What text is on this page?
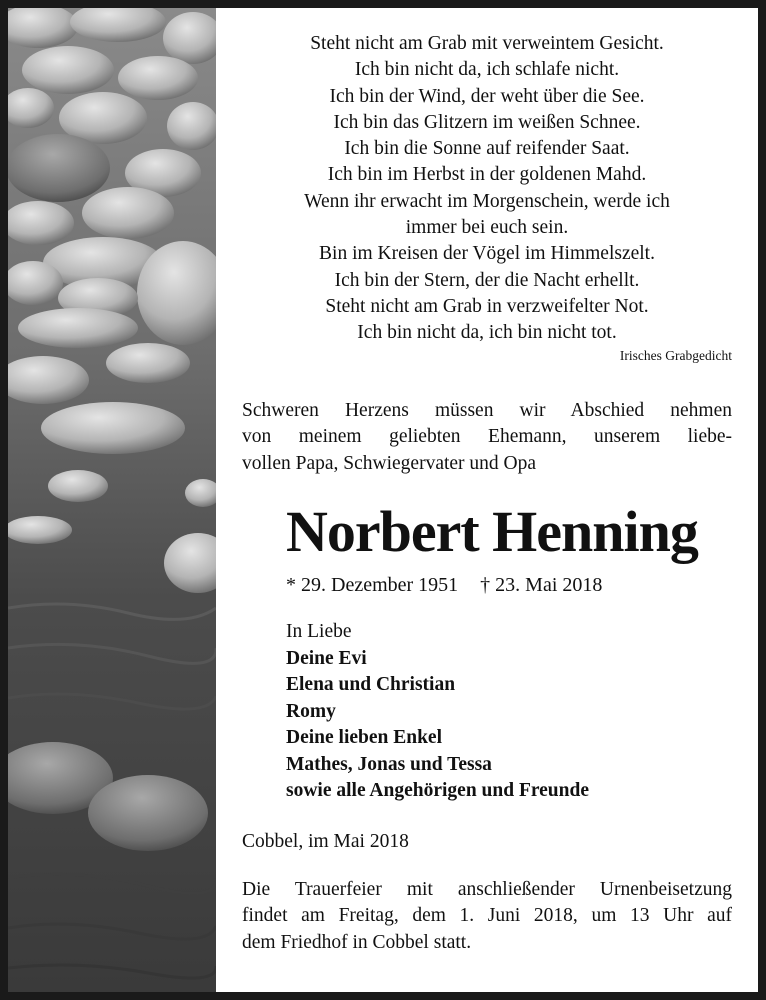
Steht nicht am Grab mit verweintem Gesicht.
Ich bin nicht da, ich schlafe nicht.
Ich bin der Wind, der weht über die See.
Ich bin das Glitzern im weißen Schnee.
Ich bin die Sonne auf reifender Saat.
Ich bin im Herbst in der goldenen Mahd.
Wenn ihr erwacht im Morgenschein, werde ich
immer bei euch sein.
Bin im Kreisen der Vögel im Himmelszelt.
Ich bin der Stern, der die Nacht erhellt.
Steht nicht am Grab in verzweifelter Not.
Ich bin nicht da, ich bin nicht tot.
Irisches Grabgedicht
Schweren Herzens müssen wir Abschied nehmen
von meinem geliebten Ehemann, unserem liebe-
vollen Papa, Schwiegervater und Opa
Norbert Henning
* 29. Dezember 1951 † 23. Mai 2018
In Liebe
Deine Evi
Elena und Christian
Romy
Deine lieben Enkel
Mathes, Jonas und Tessa
sowie alle Angehörigen und Freunde
Cobbel, im Mai 2018
Die Trauerfeier mit anschließender Urnenbeisetzung
findet am Freitag, dem 1. Juni 2018, um 13 Uhr auf
dem Friedhof in Cobbel statt.
